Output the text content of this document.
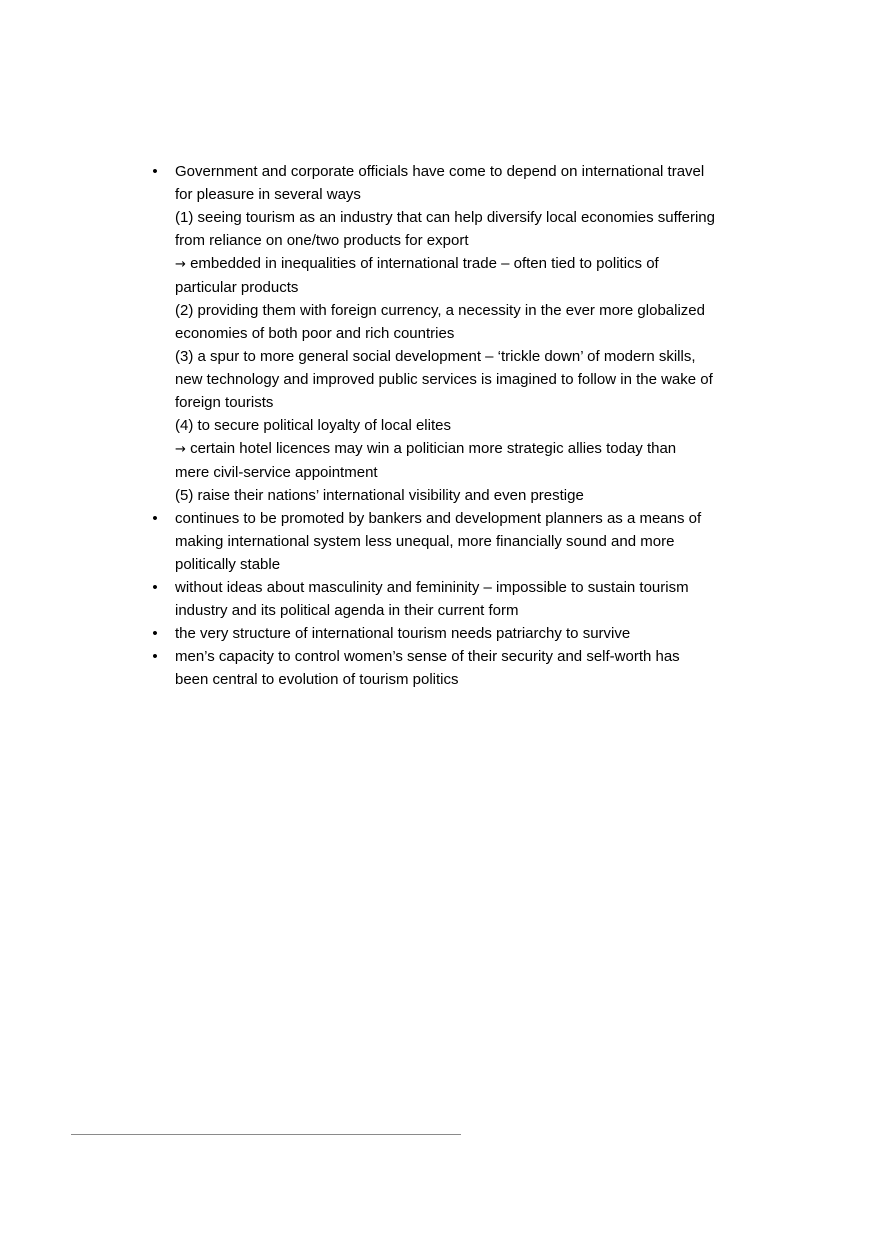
• Government and corporate officials have come to depend on international travel
for pleasure in several ways
(1) seeing tourism as an industry that can help diversify local economies suffering
from reliance on one/two products for export
→ embedded in inequalities of international trade – often tied to politics of
particular products
(2) providing them with foreign currency, a necessity in the ever more globalized
economies of both poor and rich countries
(3) a spur to more general social development – ‘trickle down’ of modern skills,
new technology and improved public services is imagined to follow in the wake of
foreign tourists
(4) to secure political loyalty of local elites
→ certain hotel licences may win a politician more strategic allies today than
mere civil-service appointment
(5) raise their nations’ international visibility and even prestige
• continues to be promoted by bankers and development planners as a means of
making international system less unequal, more financially sound and more
politically stable
• without ideas about masculinity and femininity – impossible to sustain tourism
industry and its political agenda in their current form
• the very structure of international tourism needs patriarchy to survive
• men’s capacity to control women’s sense of their security and self-worth has
been central to evolution of tourism politics
